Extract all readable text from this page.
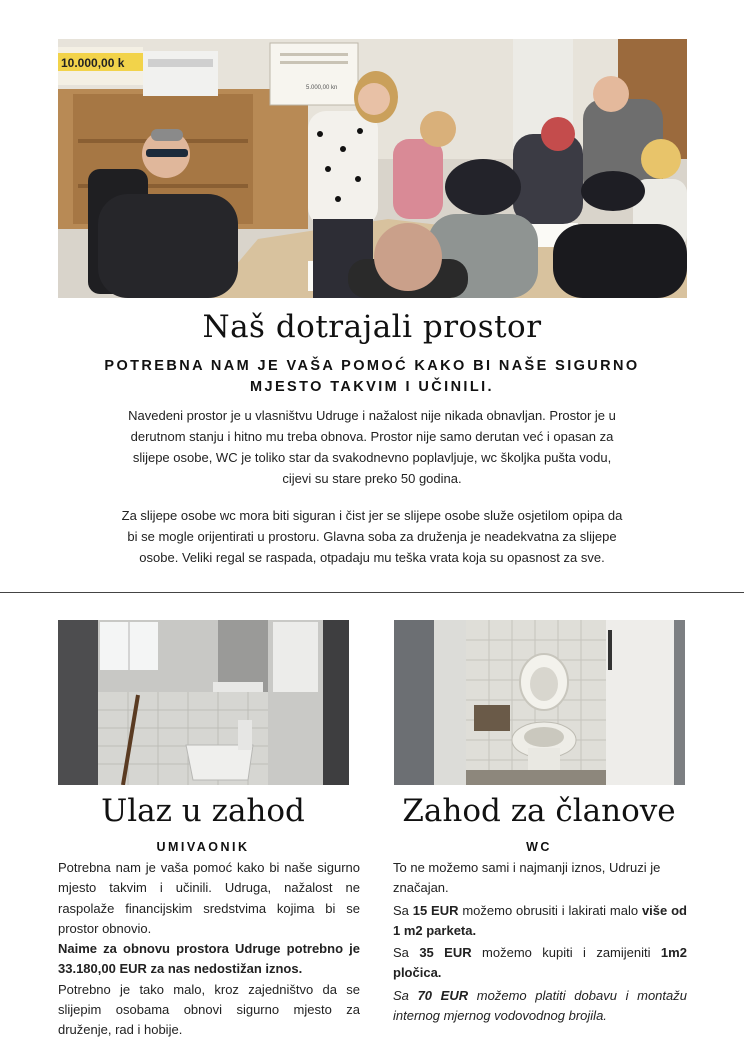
10.000,00 k
5.000,00 kn
Naš dotrajali prostor
POTREBNA NAM JE VAŠA POMOĆ KAKO BI NAŠE SIGURNO MJESTO TAKVIM I UČINILI.
Navedeni prostor je u vlasništvu Udruge i nažalost nije nikada obnavljan. Prostor je u derutnom stanju i hitno mu treba obnova. Prostor nije samo derutan već i opasan za slijepe osobe, WC je toliko star da svakodnevno poplavljuje, wc školjka pušta vodu, cijevi su stare preko 50 godina.
Za slijepe osobe wc mora biti siguran i čist jer se slijepe osobe služe osjetilom opipa da bi se mogle orijentirati u prostoru. Glavna soba za druženja je neadekvatna za slijepe osobe. Veliki regal se raspada, otpadaju mu teška vrata koja su opasnost za sve.
Ulaz u zahod
UMIVAONIK

Potrebna nam je vaša pomoć kako bi naše sigurno mjesto takvim i učinili. Udruga, nažalost ne raspolaže financijskim sredstvima kojima bi se prostor obnovio.

Naime za obnovu prostora Udruge potrebno je 33.180,00 EUR za nas nedostižan iznos.

Potrebno je tako malo, kroz zajedništvo da se slijepim osobama obnovi sigurno mjesto za druženje, rad i hobije.

Zahod za članove
WC

To ne možemo sami i najmanji iznos, Udruzi je značajan.

Sa 15 EUR možemo obrusiti i lakirati malo više od 1 m2 parketa.

Sa 35 EUR možemo kupiti i zamijeniti 1m2 pločica.

Sa 70 EUR možemo platiti dobavu i montažu internog mjernog vodovodnog brojila.
